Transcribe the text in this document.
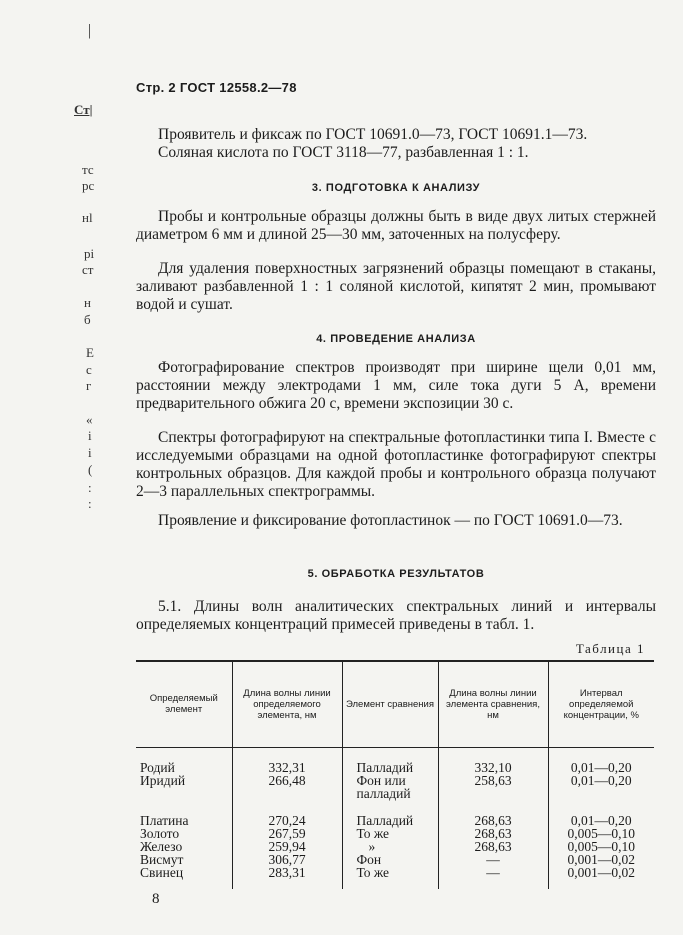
Стр. 2 ГОСТ 12558.2—78
|
Ст|
тс
рс
нl
рi
ст
н
б
Е
с
г
«
i
i
(
:
:
Проявитель и фиксаж по ГОСТ 10691.0—73, ГОСТ 10691.1—73.
Соляная кислота по ГОСТ 3118—77, разбавленная 1 : 1.
3. ПОДГОТОВКА К АНАЛИЗУ
Пробы и контрольные образцы должны быть в виде двух литых стержней диаметром 6 мм и длиной 25—30 мм, заточенных на полусферу.
Для удаления поверхностных загрязнений образцы помещают в стаканы, заливают разбавленной 1 : 1 соляной кислотой, кипятят 2 мин, промывают водой и сушат.
4. ПРОВЕДЕНИЕ АНАЛИЗА
Фотографирование спектров производят при ширине щели 0,01 мм, расстоянии между электродами 1 мм, силе тока дуги 5 А, времени предварительного обжига 20 с, времени экспозиции 30 с.
Спектры фотографируют на спектральные фотопластинки типа I. Вместе с исследуемыми образцами на одной фотопластинке фотографируют спектры контрольных образцов. Для каждой пробы и контрольного образца получают 2—3 параллельных спектрограммы.
Проявление и фиксирование фотопластинок — по ГОСТ 10691.0—73.
5. ОБРАБОТКА РЕЗУЛЬТАТОВ
5.1. Длины волн аналитических спектральных линий и интервалы определяемых концентраций примесей приведены в табл. 1.
Таблица 1
Определяемый элемент	Длина волны линии определяемого элемента, нм	Элемент сравнения	Длина волны линии элемента сравнения, нм	Интервал определяемой концентрации, %
Родий	332,31	Палладий	332,10	0,01—0,20
Иридий	266,48	Фон или палладий	258,63	0,01—0,20

Платина	270,24	Палладий	268,63	0,01—0,20
Золото	267,59	То же	268,63	0,005—0,10
Железо	259,94	»	268,63	0,005—0,10
Висмут	306,77	Фон	—	0,001—0,02
Свинец	283,31	То же	—	0,001—0,02
8
